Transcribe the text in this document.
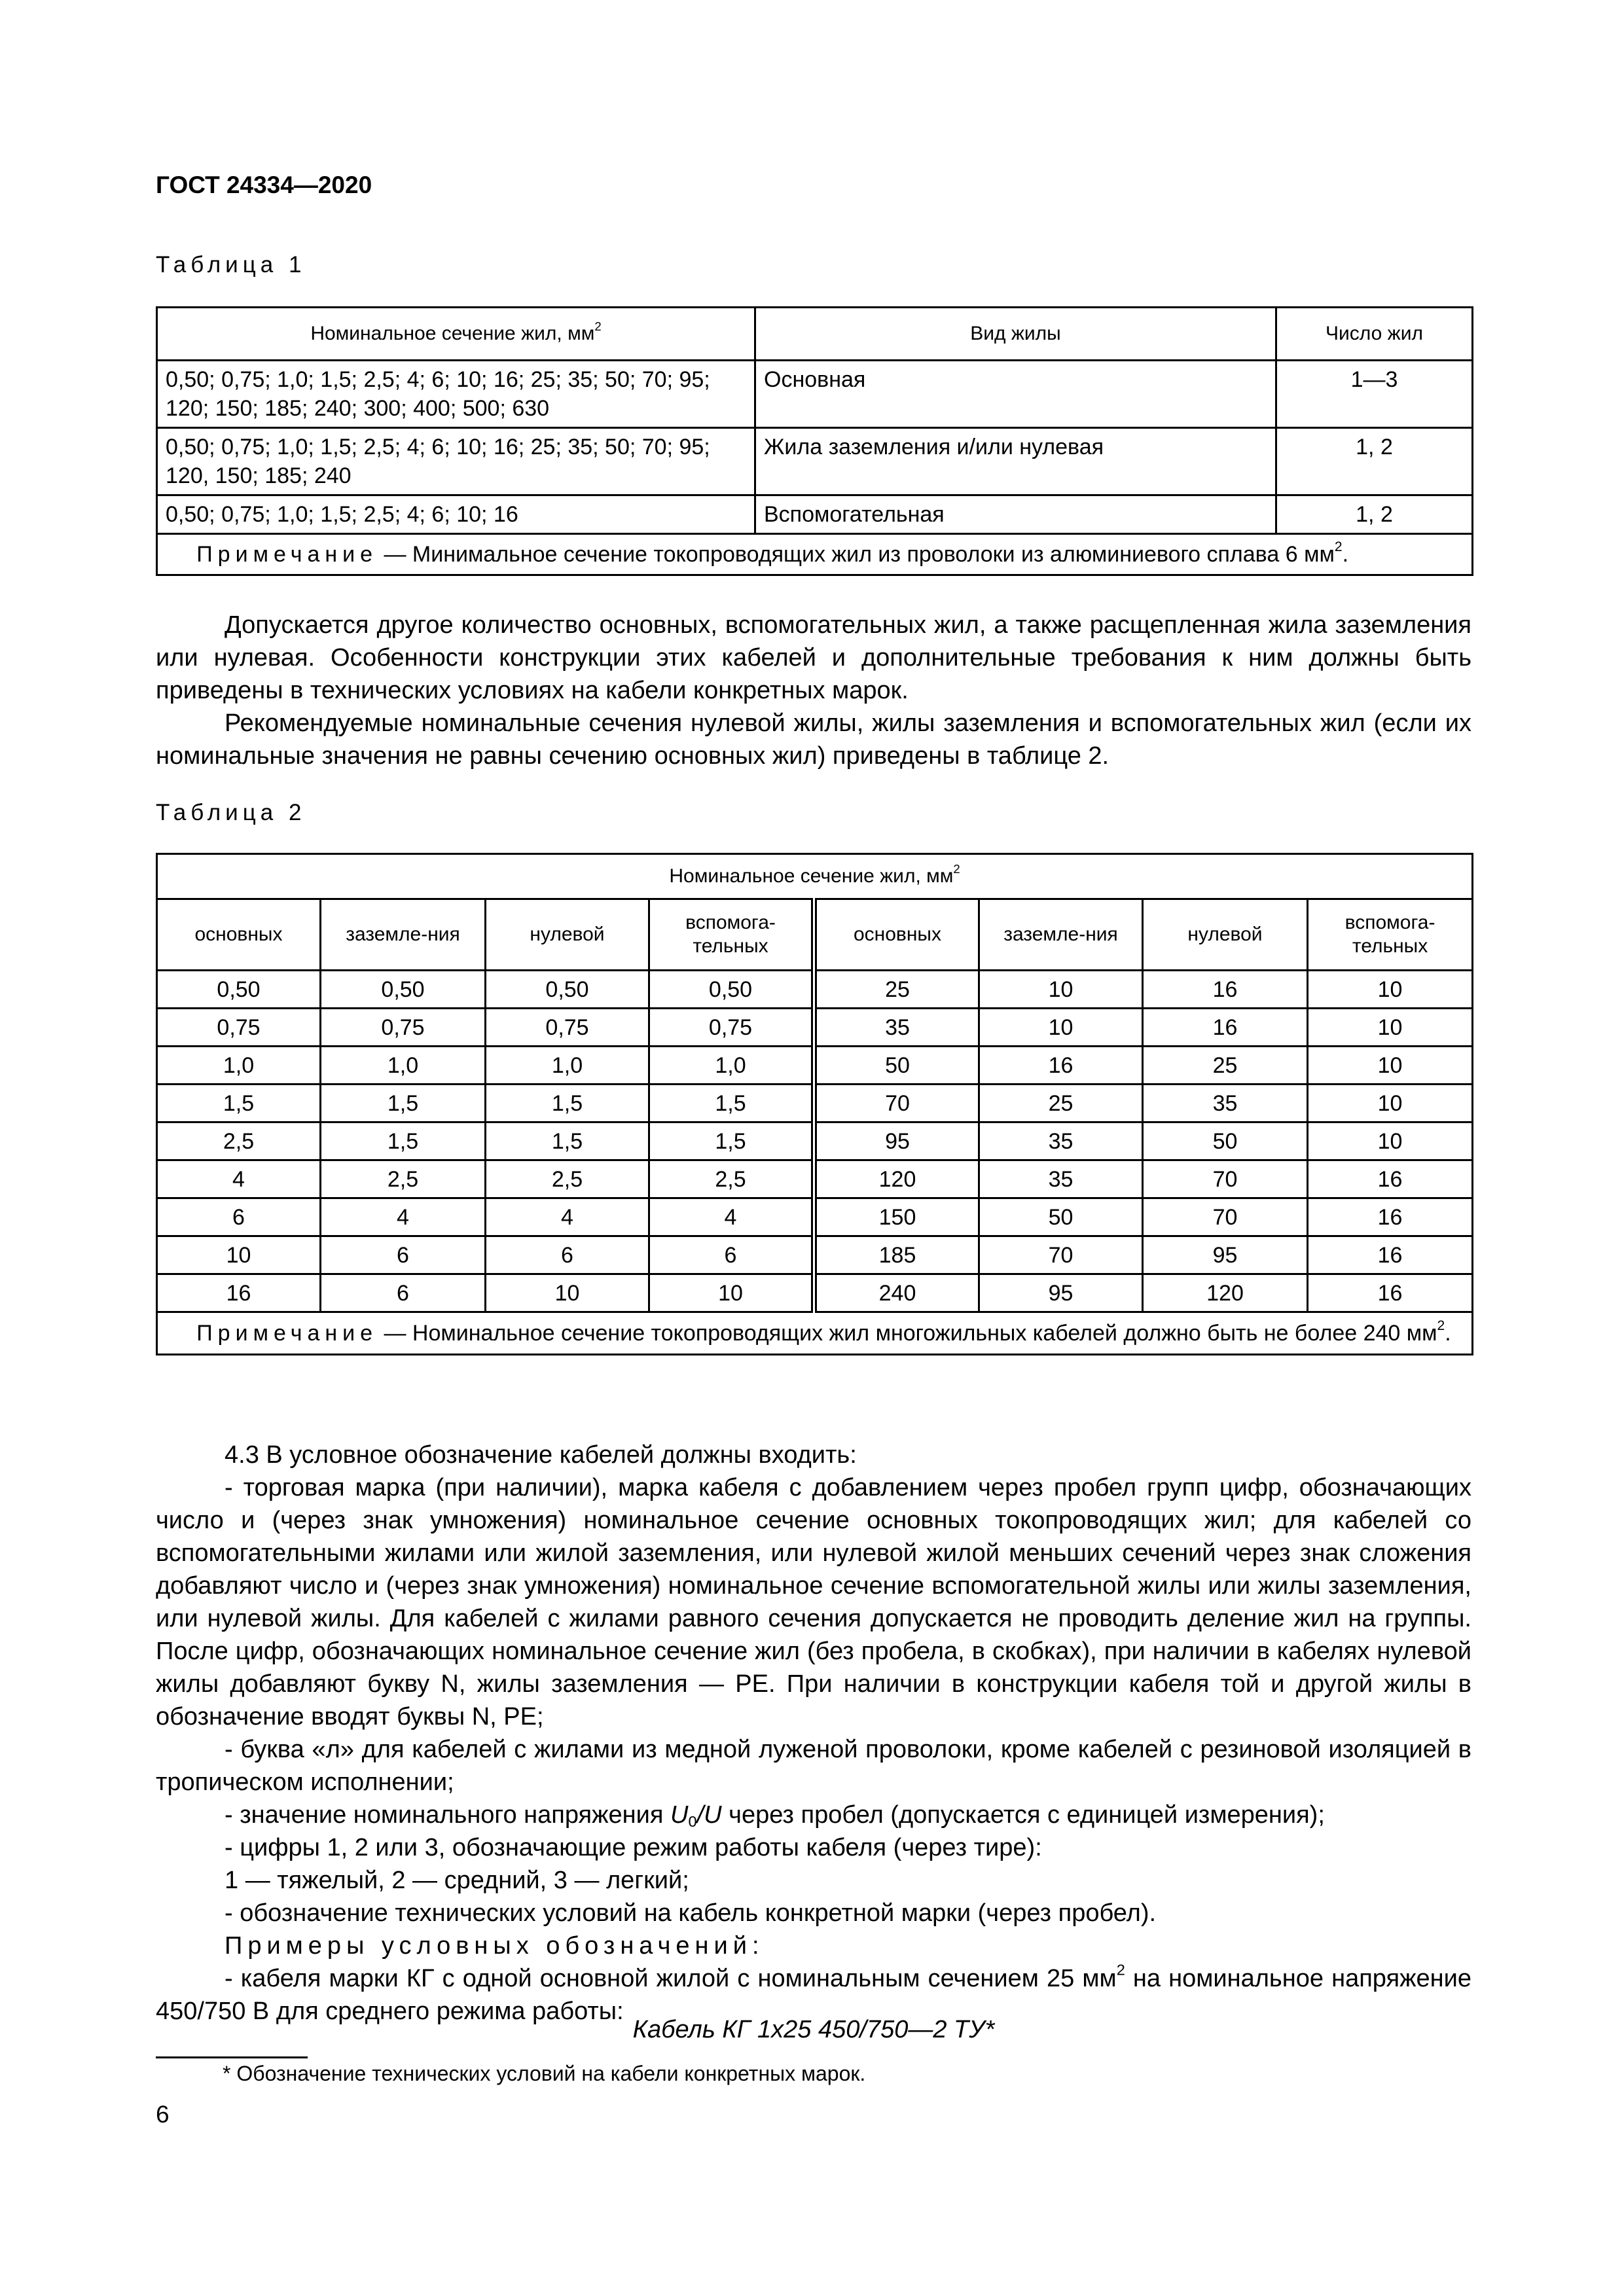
ГОСТ 24334—2020
Таблица 1
Номинальное сечение жил, $мм^2$	Вид жилы	Число жил
0,50; 0,75; 1,0; 1,5; 2,5; 4; 6; 10; 16; 25; 35; 50; 70; 95; 120; 150; 185; 240; 300; 400; 500; 630	Основная	1—3
0,50; 0,75; 1,0; 1,5; 2,5; 4; 6; 10; 16; 25; 35; 50; 70; 95; 120, 150; 185; 240	Жила заземления и/или нулевая	1, 2
0,50; 0,75; 1,0; 1,5; 2,5; 4; 6; 10; 16	Вспомогательная	1, 2
Примечание — Минимальное сечение токопроводящих жил из проволоки из алюминиевого сплава 6 $мм^2$.		

Допускается другое количество основных, вспомогательных жил, а также расщепленная жила заземления или нулевая. Особенности конструкции этих кабелей и дополнительные требования к ним должны быть приведены в технических условиях на кабели конкретных марок.

Рекомендуемые номинальные сечения нулевой жилы, жилы заземления и вспомогательных жил (если их номинальные значения не равны сечению основных жил) приведены в таблице 2.

Таблица 2
Номинальное сечение жил, $мм^2$
основных	заземле-ния	нулевой	вспомога-тельных	основных	заземле-ния	нулевой	вспомога-тельных
0,50	0,50	0,50	0,50	25	10	16	10
0,75	0,75	0,75	0,75	35	10	16	10
1,0	1,0	1,0	1,0	50	16	25	10
1,5	1,5	1,5	1,5	70	25	35	10
2,5	1,5	1,5	1,5	95	35	50	10
4	2,5	2,5	2,5	120	35	70	16
6	4	4	4	150	50	70	16
10	6	6	6	185	70	95	16
16	6	10	10	240	95	120	16
Примечание — Номинальное сечение токопроводящих жил многожильных кабелей должно быть не более 240 $мм^2$.							

4.3 В условное обозначение кабелей должны входить:

- торговая марка (при наличии), марка кабеля с добавлением через пробел групп цифр, обозначающих число и (через знак умножения) номинальное сечение основных токопроводящих жил; для кабелей со вспомогательными жилами или жилой заземления, или нулевой жилой меньших сечений через знак сложения добавляют число и (через знак умножения) номинальное сечение вспомогательной жилы или жилы заземления, или нулевой жилы. Для кабелей с жилами равного сечения допускается не проводить деление жил на группы. После цифр, обозначающих номинальное сечение жил (без пробела, в скобках), при наличии в кабелях нулевой жилы добавляют букву N, жилы заземления — PE. При наличии в конструкции кабеля той и другой жилы в обозначение вводят буквы N, PE;

- буква «л» для кабелей с жилами из медной луженой проволоки, кроме кабелей с резиновой изоляцией в тропическом исполнении;

- значение номинального напряжения $U_0/U$ через пробел (допускается с единицей измерения);

- цифры 1, 2 или 3, обозначающие режим работы кабеля (через тире):

1 — тяжелый, 2 — средний, 3 — легкий;

- обозначение технических условий на кабель конкретной марки (через пробел).

Примеры условных обозначений:

- кабеля марки КГ с одной основной жилой с номинальным сечением 25 $мм^2$ на номинальное напряжение 450/750 В для среднего режима работы:

Кабель КГ 1х25 450/750—2 ТУ*
* Обозначение технических условий на кабели конкретных марок.
6
